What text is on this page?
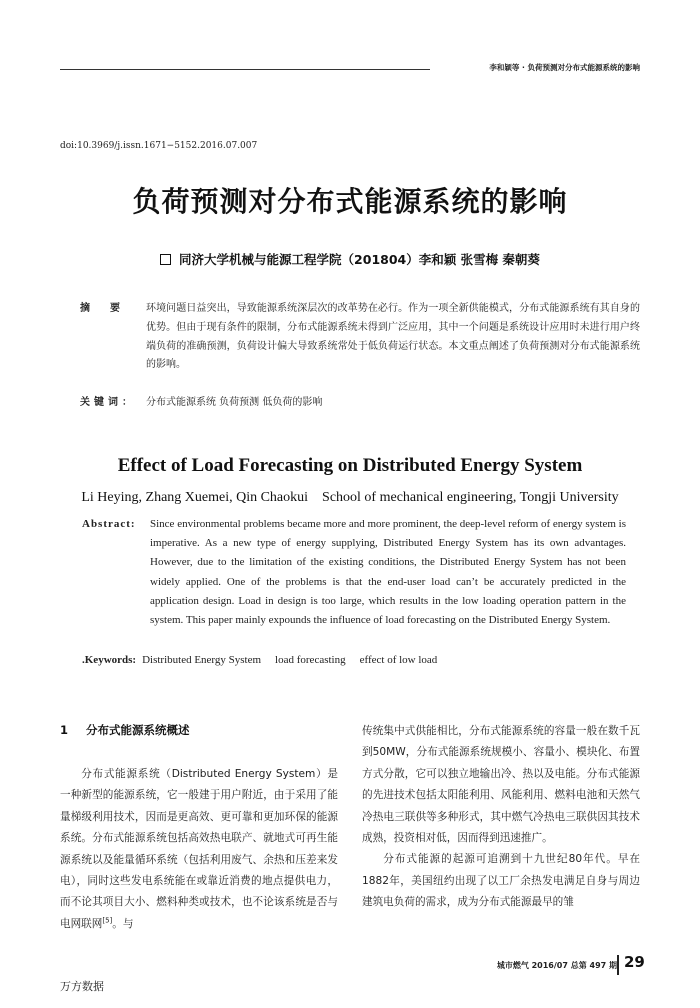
李和颖等 · 负荷预测对分布式能源系统的影响
doi:10.3969/j.issn.1671−5152.2016.07.007
负荷预测对分布式能源系统的影响
同济大学机械与能源工程学院（201804）李和颖 张雪梅 秦朝葵
摘要 环境问题日益突出，导致能源系统深层次的改革势在必行。作为一项全新供能模式，分布式能源系统有其自身的优势。但由于现有条件的限制，分布式能源系统未得到广泛应用，其中一个问题是系统设计应用时未进行用户终端负荷的准确预测，负荷设计偏大导致系统常处于低负荷运行状态。本文重点阐述了负荷预测对分布式能源系统的影响。
关键词： 分布式能源系统 负荷预测 低负荷的影响
Effect of Load Forecasting on Distributed Energy System
Li Heying, Zhang Xuemei, Qin Chaokui School of mechanical engineering, Tongji University
Abstract: Since environmental problems became more and more prominent, the deep-level reform of energy system is imperative. As a new type of energy supplying, Distributed Energy System has its own advantages. However, due to the limitation of the existing conditions, the Distributed Energy System has not been widely applied. One of the problems is that the end-user load can’t be accurately predicted in the application design. Load in design is too large, which results in the low loading operation pattern in the system. This paper mainly expounds the influence of load forecasting on the Distributed Energy System.
.Keywords: Distributed Energy System load forecasting effect of low load
1 分布式能源系统概述

分布式能源系统（Distributed Energy System）是一种新型的能源系统，它一般建于用户附近，由于采用了能量梯级利用技术，因而是更高效、更可靠和更加环保的能源系统。分布式能源系统包括高效热电联产、就地式可再生能源系统以及能量循环系统（包括利用废气、余热和压差来发电），同时这些发电系统能在或靠近消费的地点提供电力，而不论其项目大小、燃料种类或技术，也不论该系统是否与电网联网[5]。与

传统集中式供能相比，分布式能源系统的容量一般在数千瓦到50MW，分布式能源系统规模小、容量小、模块化、布置方式分散，它可以独立地输出冷、热以及电能。分布式能源的先进技术包括太阳能利用、风能利用、燃料电池和天然气冷热电三联供等多种形式，其中燃气冷热电三联供因其技术成熟，投资相对低，因而得到迅速推广。

分布式能源的起源可追溯到十九世纪80年代。早在1882年，美国纽约出现了以工厂余热发电满足自身与周边建筑电负荷的需求，成为分布式能源最早的雏

城市燃气 2016/07 总第 497 期 29
万方数据
